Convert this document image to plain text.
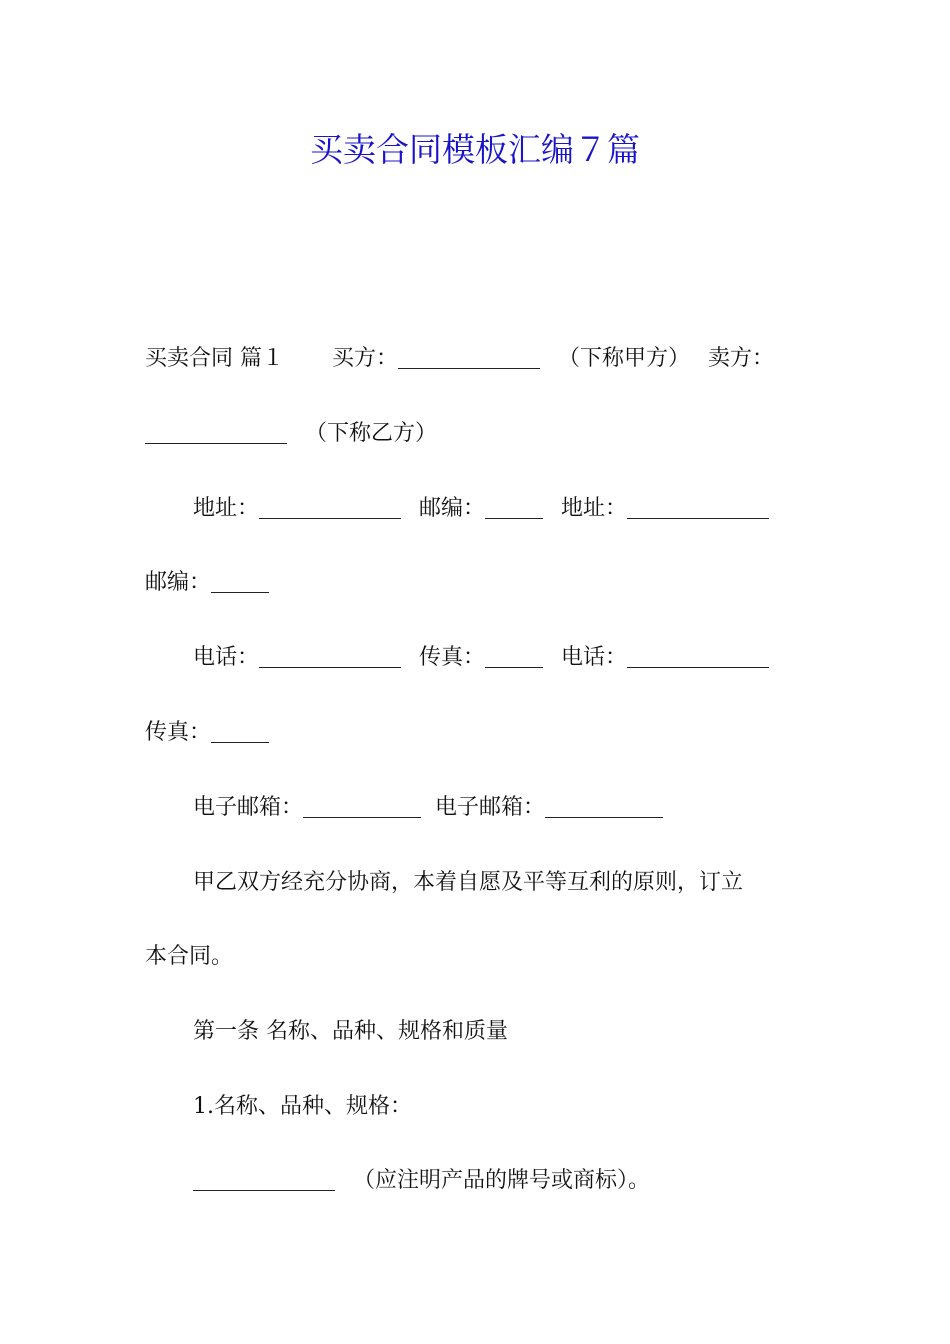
买卖合同模板汇编７篇
买卖合同 篇１ 买方：	（下称甲方） 卖方：
（下称乙方）
地址：	邮编：	地址：
邮编：
电话：	传真：	电话：
传真：
电子邮箱：	电子邮箱：
甲乙双方经充分协商，本着自愿及平等互利的原则，订立
本合同。
第一条 名称、品种、规格和质量
1.名称、品种、规格：
（应注明产品的牌号或商标）。
